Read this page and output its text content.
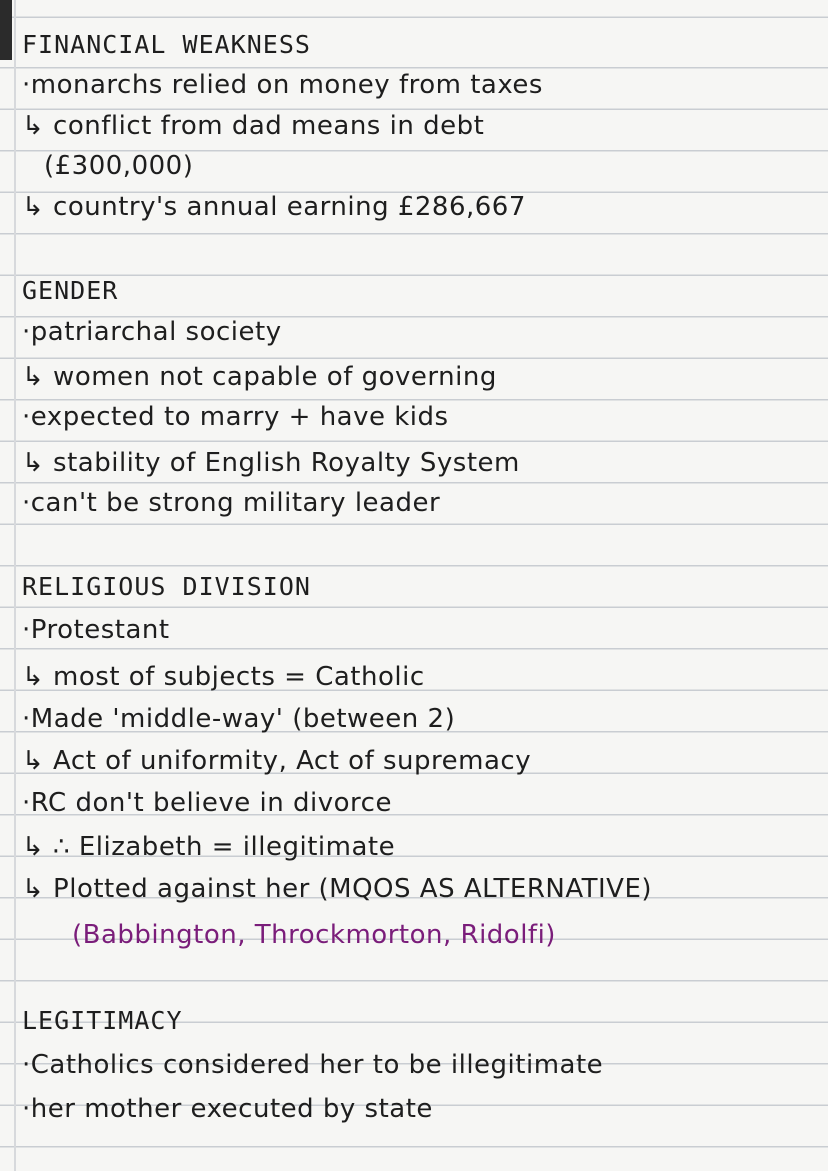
FINANCIAL WEAKNESS
·monarchs relied on money from taxes
↳ conflict from dad means in debt
(£300,000)
↳ country's annual earning £286,667
GENDER
·patriarchal society
↳ women not capable of governing
·expected to marry + have kids
↳ stability of English Royalty System
·can't be strong military leader
RELIGIOUS DIVISION
·Protestant
↳ most of subjects = Catholic
·Made 'middle-way' (between 2)
↳ Act of uniformity, Act of supremacy
·RC don't believe in divorce
↳ ∴ Elizabeth = illegitimate
↳ Plotted against her (MQOS AS ALTERNATIVE)
(Babbington, Throckmorton, Ridolfi)
LEGITIMACY
·Catholics considered her to be illegitimate
·her mother executed by state
